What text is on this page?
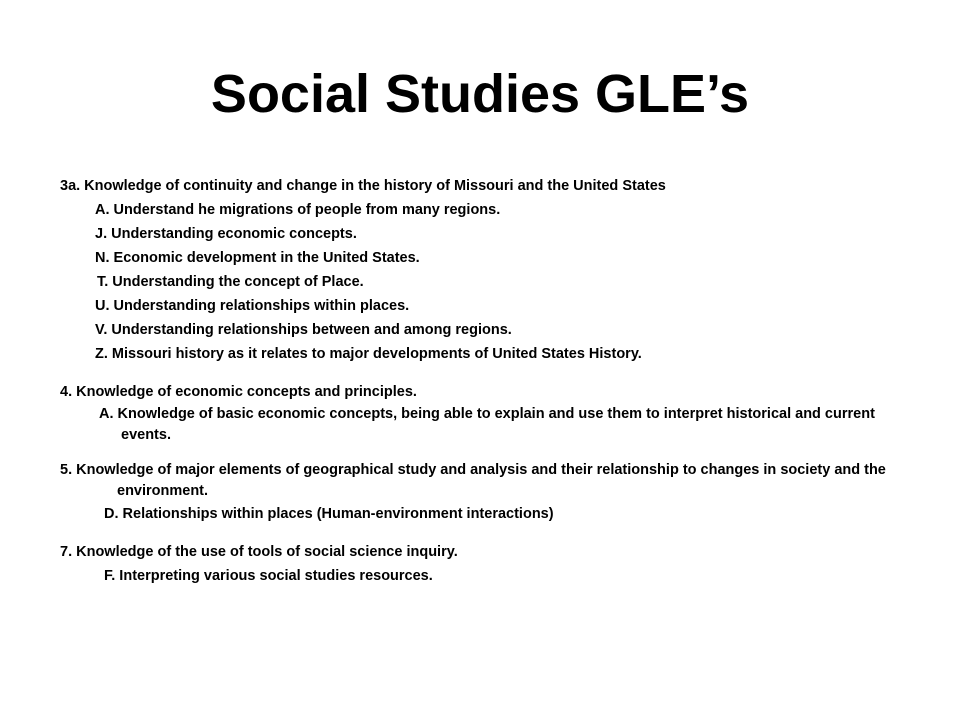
Social Studies GLE’s

3a. Knowledge of continuity and change in the history of Missouri and the United States

A. Understand he migrations of people from many regions.

J. Understanding economic concepts.

N. Economic development in the United States.

T. Understanding the concept of Place.

U. Understanding relationships within places.

V. Understanding relationships between and among regions.

Z. Missouri history as it relates to major developments of United States History.

4. Knowledge of economic concepts and principles.

A. Knowledge of basic economic concepts, being able to explain and use them to interpret historical and current events.

5. Knowledge of major elements of geographical study and analysis and their relationship to changes in society and the environment.

D. Relationships within places (Human-environment interactions)

7. Knowledge of the use of tools of social science inquiry.

F. Interpreting various social studies resources.
